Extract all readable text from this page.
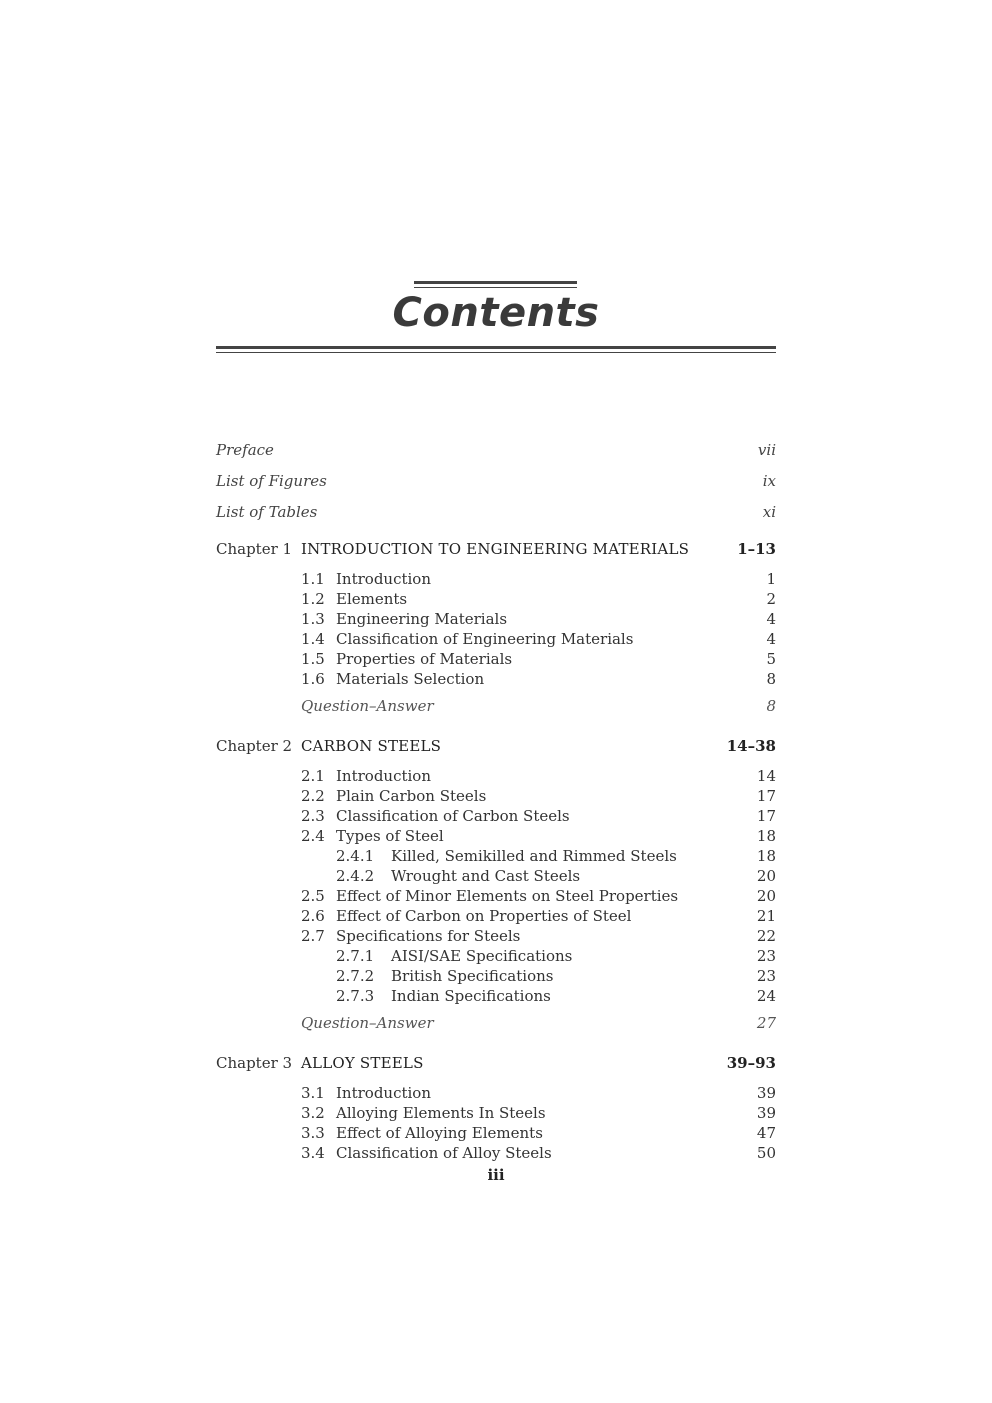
Contents
Preface	vii
List of Figures	ix
List of Tables	xi
Chapter 1 INTRODUCTION TO ENGINEERING MATERIALS	1–13
1.1 Introduction	1
1.2 Elements	2
1.3 Engineering Materials	4
1.4 Classification of Engineering Materials	4
1.5 Properties of Materials	5
1.6 Materials Selection	8
Question–Answer	8
Chapter 2 CARBON STEELS	14–38
2.1 Introduction	14
2.2 Plain Carbon Steels	17
2.3 Classification of Carbon Steels	17
2.4 Types of Steel	18
2.4.1 Killed, Semikilled and Rimmed Steels	18
2.4.2 Wrought and Cast Steels	20
2.5 Effect of Minor Elements on Steel Properties	20
2.6 Effect of Carbon on Properties of Steel	21
2.7 Specifications for Steels	22
2.7.1 AISI/SAE Specifications	23
2.7.2 British Specifications	23
2.7.3 Indian Specifications	24
Question–Answer	27
Chapter 3 ALLOY STEELS	39–93
3.1 Introduction	39
3.2 Alloying Elements In Steels	39
3.3 Effect of Alloying Elements	47
3.4 Classification of Alloy Steels	50
iii
